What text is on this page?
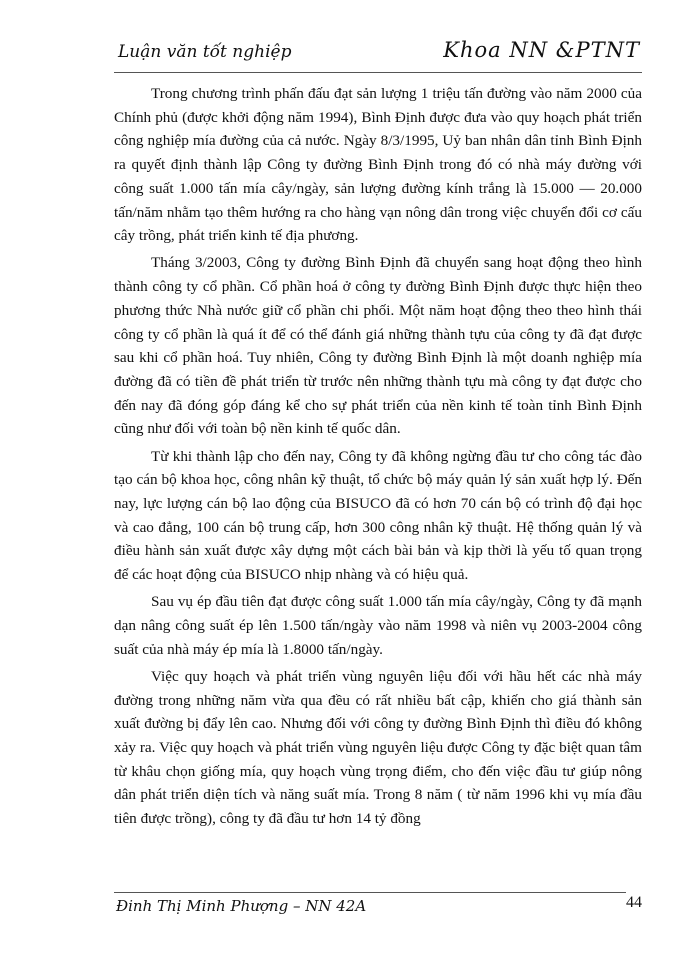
Luận văn tốt nghiệp	Khoa NN &PTNT

Trong chương trình phấn đấu đạt sản lượng 1 triệu tấn đường vào năm 2000 của Chính phủ (được khởi động năm 1994), Bình Định được đưa vào quy hoạch phát triển công nghiệp mía đường của cả nước. Ngày 8/3/1995, Uỷ ban nhân dân tỉnh Bình Định ra quyết định thành lập Công ty đường Bình Định trong đó có nhà máy đường với công suất 1.000 tấn mía cây/ngày, sản lượng đường kính trắng là 15.000 — 20.000 tấn/năm nhằm tạo thêm hướng ra cho hàng vạn nông dân trong việc chuyển đổi cơ cấu cây trồng, phát triển kinh tế địa phương.

Tháng 3/2003, Công ty đường Bình Định đã chuyển sang hoạt động theo hình thành công ty cổ phần. Cổ phần hoá ở công ty đường Bình Định được thực hiện theo phương thức Nhà nước giữ cổ phần chi phối. Một năm hoạt động theo theo hình thái công ty cổ phần là quá ít để có thể đánh giá những thành tựu của công ty đã đạt được sau khi cổ phần hoá. Tuy nhiên, Công ty đường Bình Định là một doanh nghiệp mía đường đã có tiền đề phát triển từ trước nên những thành tựu mà công ty đạt được cho đến nay đã đóng góp đáng kể cho sự phát triển của nền kinh tế toàn tỉnh Bình Định cũng như đối với toàn bộ nền kinh tế quốc dân.

Từ khi thành lập cho đến nay, Công ty đã không ngừng đầu tư cho công tác đào tạo cán bộ khoa học, công nhân kỹ thuật, tổ chức bộ máy quản lý sản xuất hợp lý. Đến nay, lực lượng cán bộ lao động của BISUCO đã có hơn 70 cán bộ có trình độ đại học và cao đẳng, 100 cán bộ trung cấp, hơn 300 công nhân kỹ thuật. Hệ thống quản lý và điều hành sản xuất được xây dựng một cách bài bản và kịp thời là yếu tố quan trọng để các hoạt động của BISUCO nhịp nhàng và có hiệu quả.

Sau vụ ép đầu tiên đạt được công suất 1.000 tấn mía cây/ngày, Công ty đã mạnh dạn nâng công suất ép lên 1.500 tấn/ngày vào năm 1998 và niên vụ 2003-2004 công suất của nhà máy ép mía là 1.8000 tấn/ngày.

Việc quy hoạch và phát triển vùng nguyên liệu đối với hầu hết các nhà máy đường trong những năm vừa qua đều có rất nhiều bất cập, khiến cho giá thành sản xuất đường bị đẩy lên cao. Nhưng đối với công ty đường Bình Định thì điều đó không xảy ra. Việc quy hoạch và phát triển vùng nguyên liệu được Công ty đặc biệt quan tâm từ khâu chọn giống mía, quy hoạch vùng trọng điểm, cho đến việc đầu tư giúp nông dân phát triển diện tích và năng suất mía. Trong 8 năm ( từ năm 1996 khi vụ mía đầu tiên được trồng), công ty đã đầu tư hơn 14 tỷ đồng

Đinh Thị Minh Phượng – NN 42A	44
